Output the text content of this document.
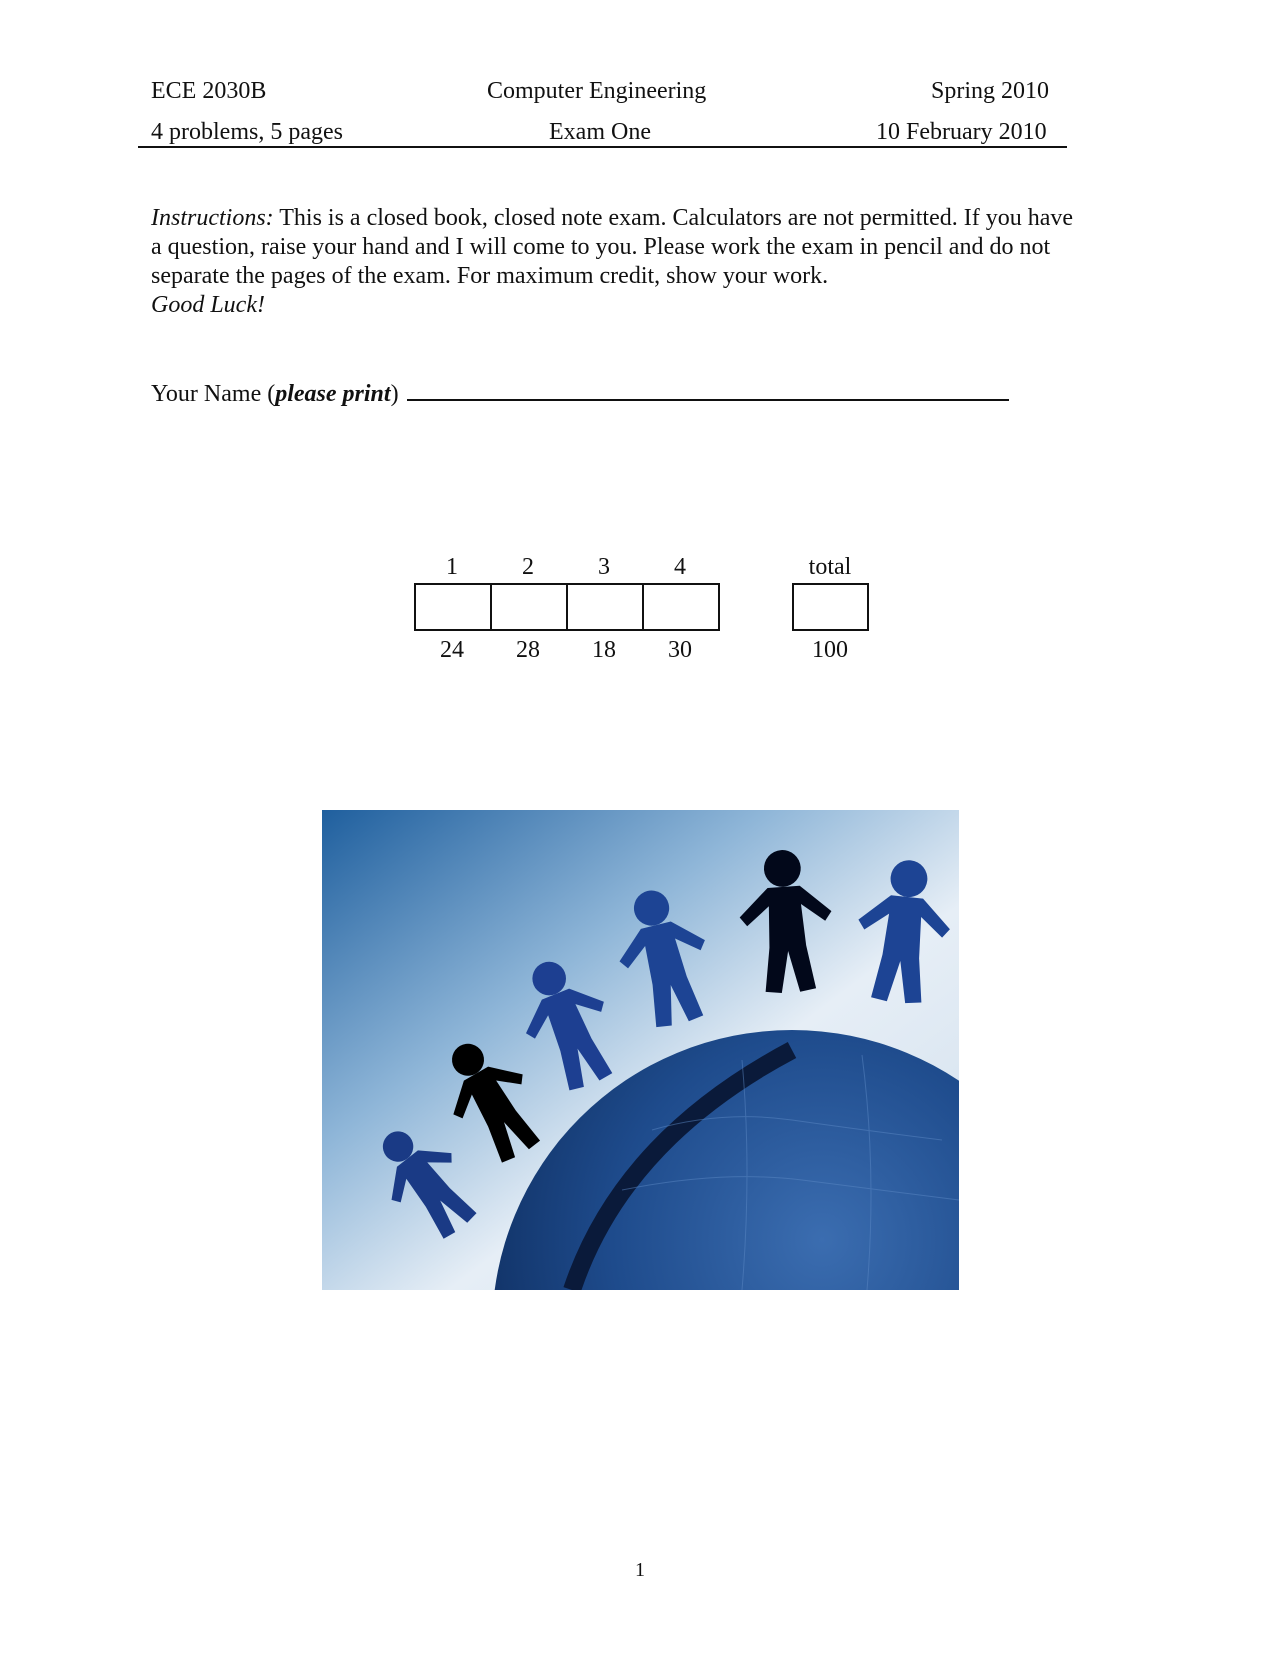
ECE 2030B	Computer Engineering	Spring 2010
4 problems, 5 pages	Exam One	10 February 2010
Instructions: This is a closed book, closed note exam. Calculators are not permitted. If you have
a question, raise your hand and I will come to you. Please work the exam in pencil and do not
separate the pages of the exam. For maximum credit, show your work.
Good Luck!
Your Name (please print)
1	2	3	4	total
24	28	18	30	100
1
